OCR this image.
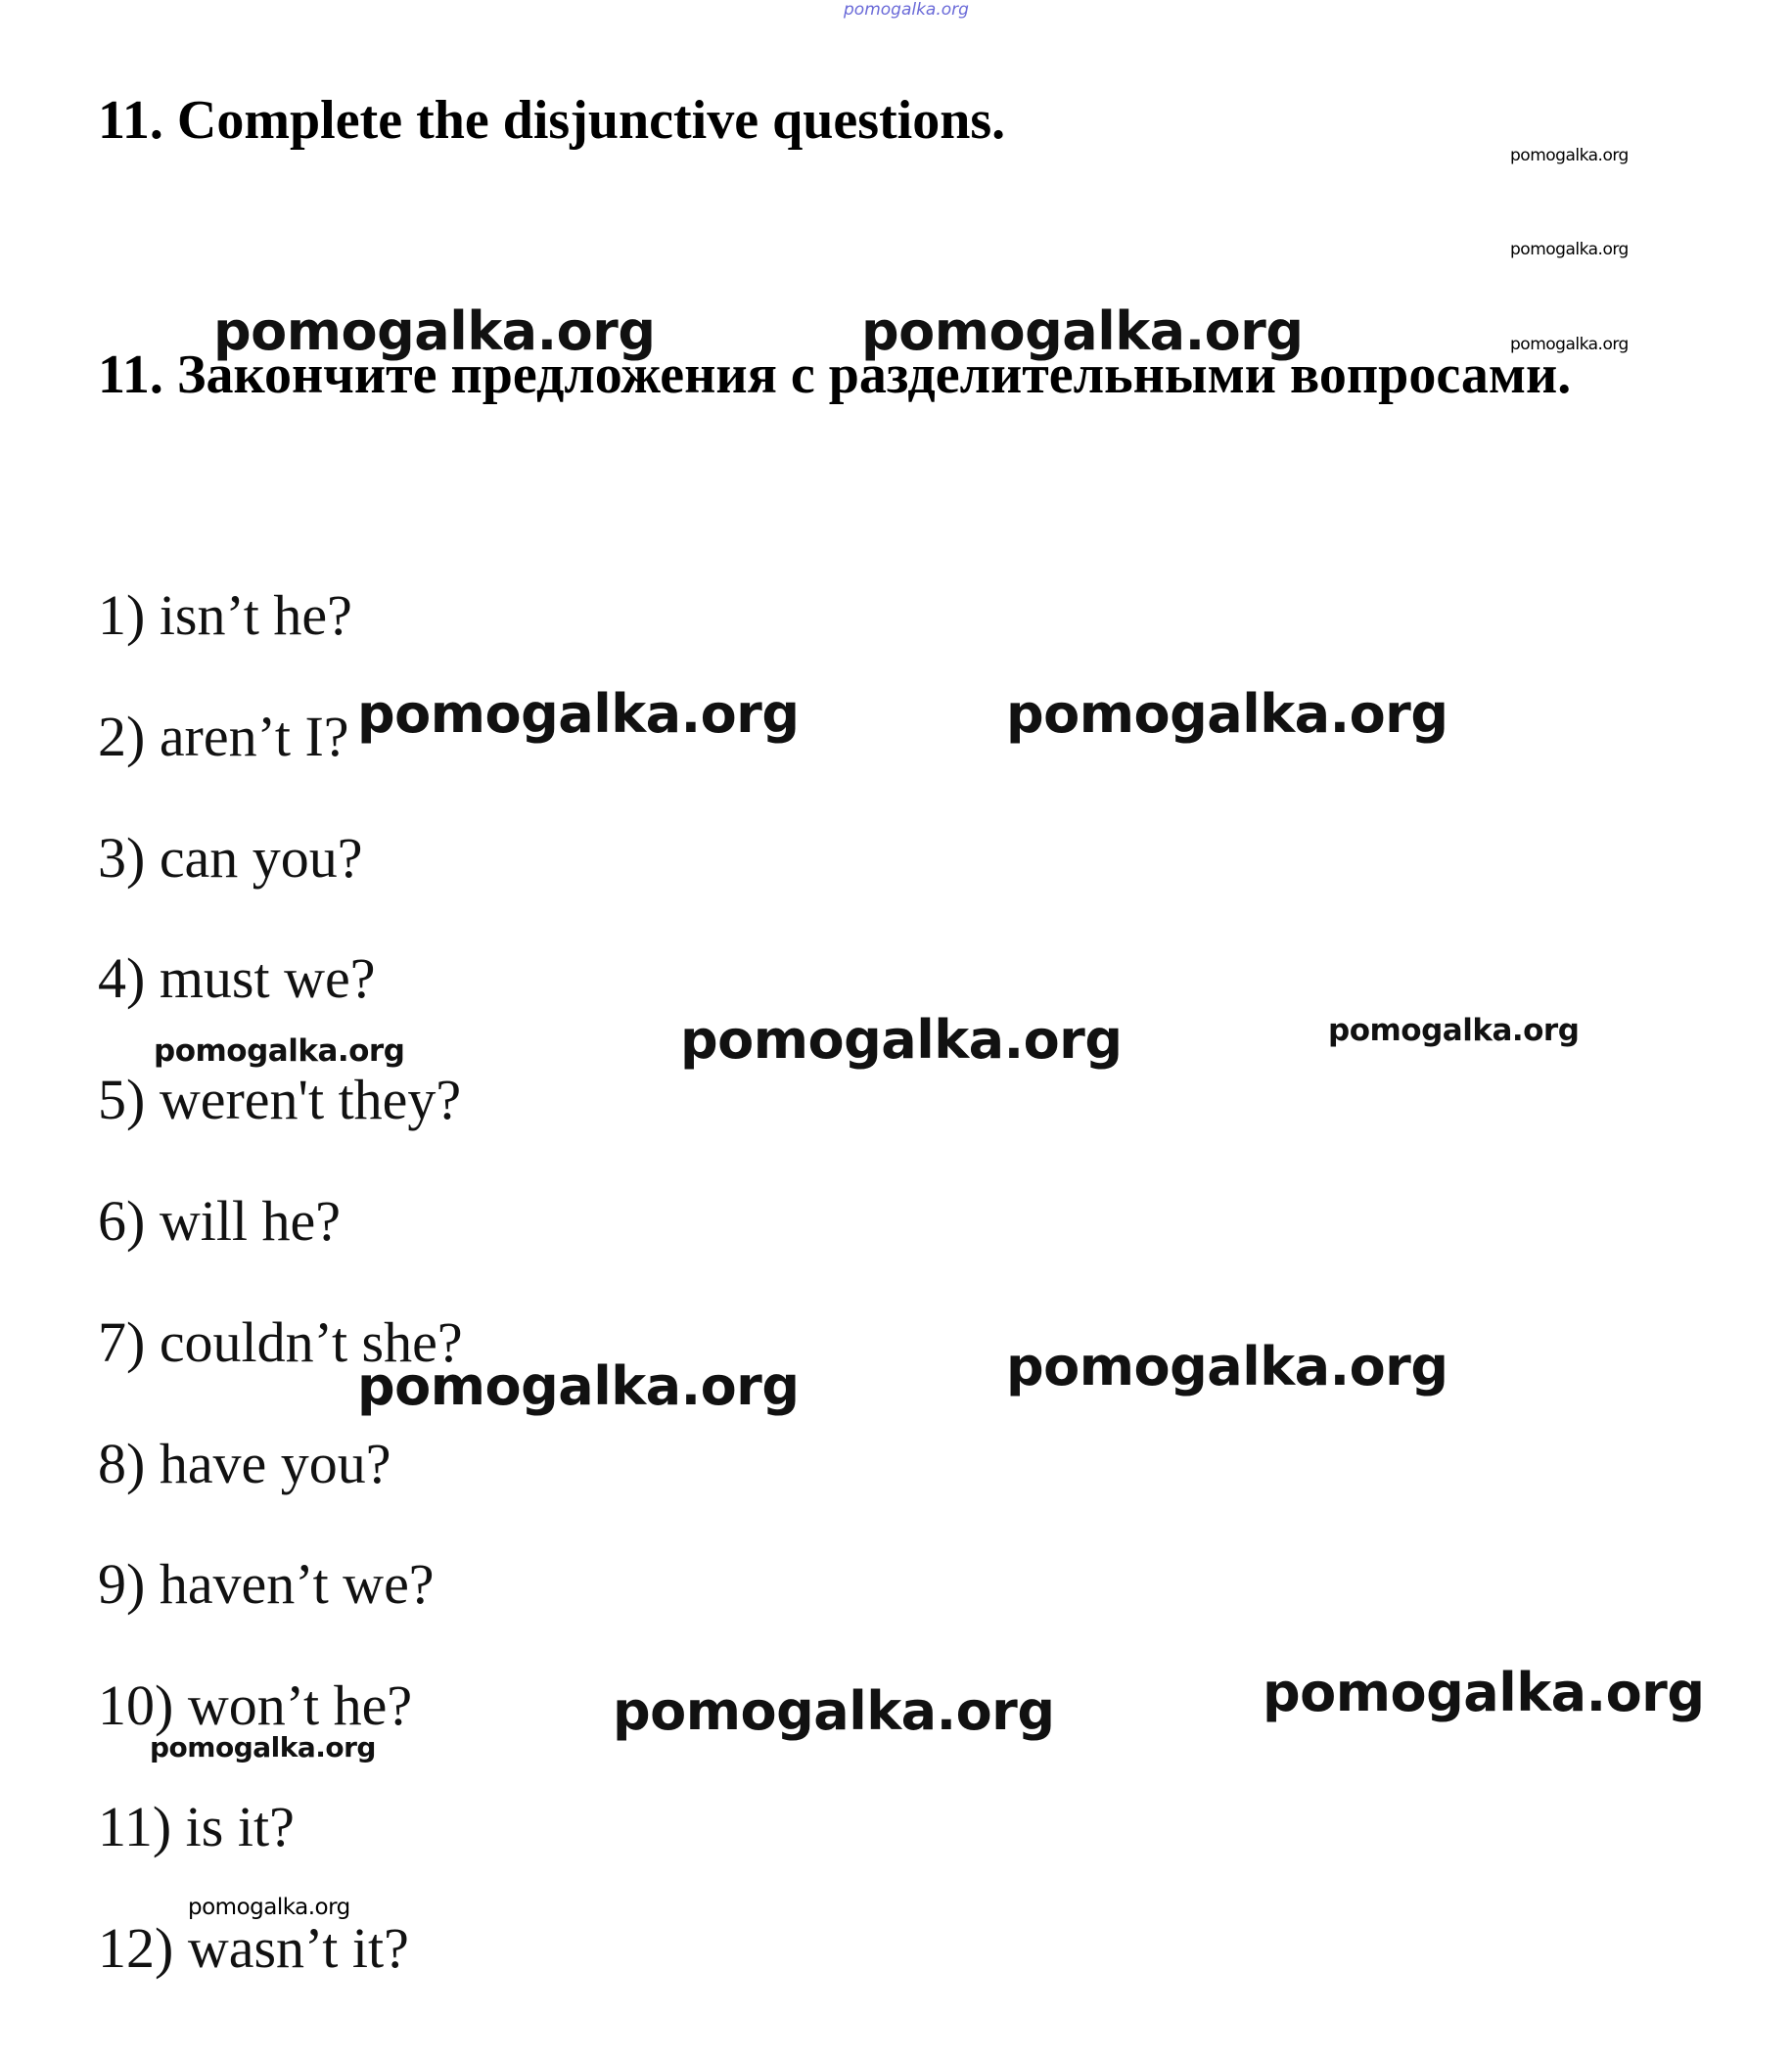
pomogalka.org
11. Complete the disjunctive questions.
pomogalka.org
pomogalka.org
11. Закончите предложения с разделительными вопросами.
pomogalka.org	pomogalka.org	pomogalka.org
1) isn’t he?
2) aren’t I?
3) can you?
4) must we?
5) weren't they?
6) will he?
7) couldn’t she?
8) have you?
9) haven’t we?
10) won’t he?
11) is it?
12) wasn’t it?
pomogalka.org	pomogalka.org
pomogalka.org	pomogalka.org	pomogalka.org
pomogalka.org	pomogalka.org
pomogalka.org	pomogalka.org
pomogalka.org
pomogalka.org
